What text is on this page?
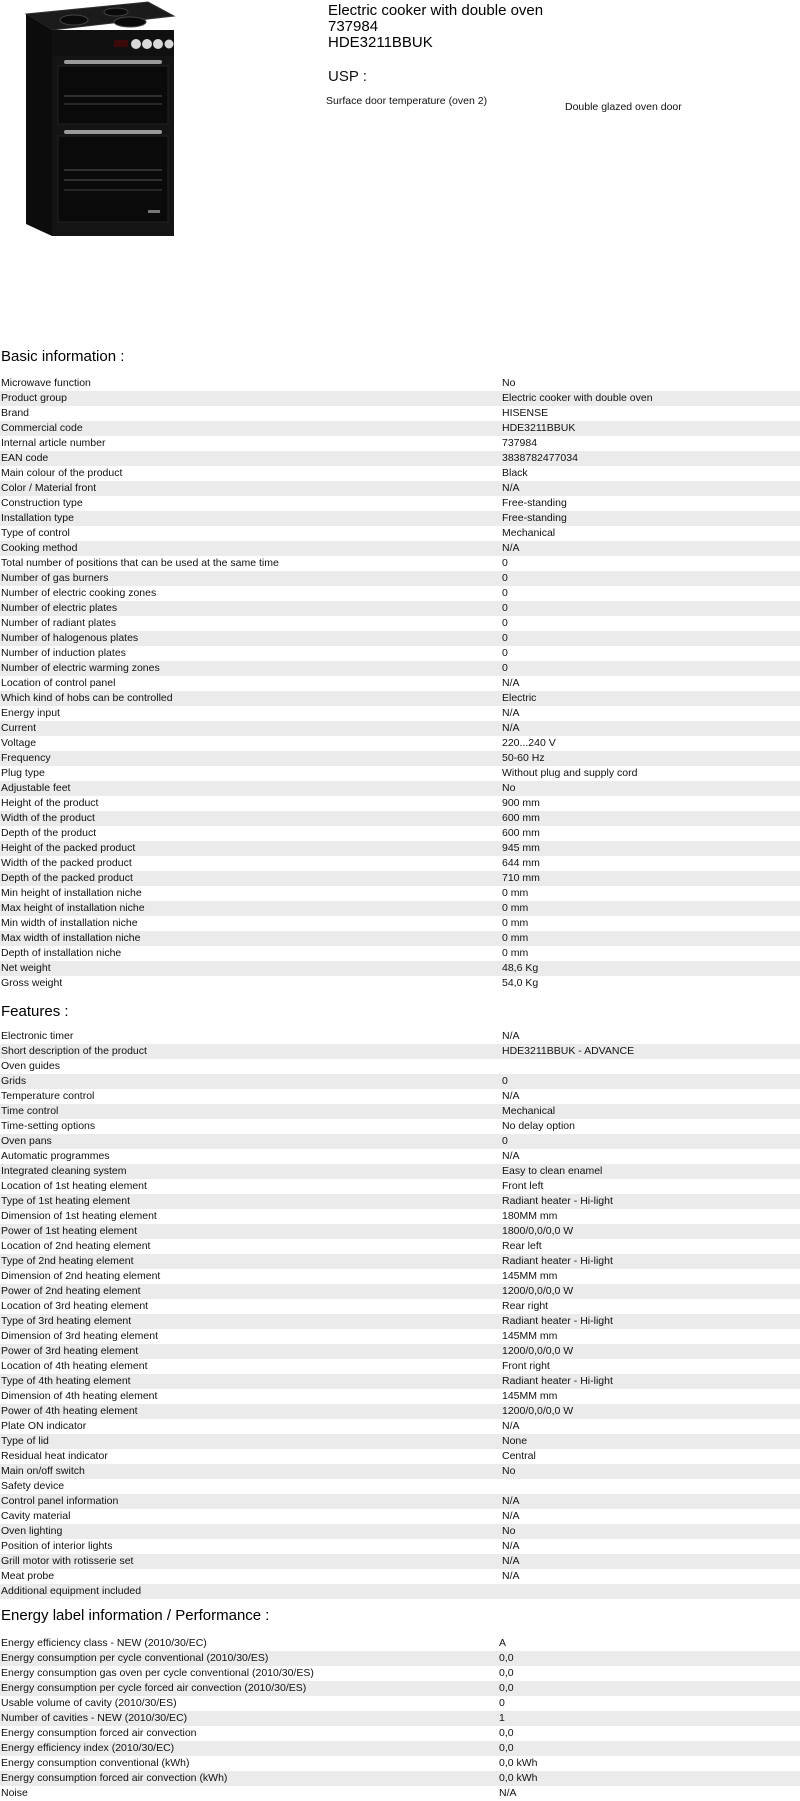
Electric cooker with double oven
737984
HDE3211BBUK
USP :
Surface door temperature (oven 2)	Double glazed oven door
Basic information :
Microwave function	No
Product group	Electric cooker with double oven
Brand	HISENSE
Commercial code	HDE3211BBUK
Internal article number	737984
EAN code	3838782477034
Main colour of the product	Black
Color / Material front	N/A
Construction type	Free-standing
Installation type	Free-standing
Type of control	Mechanical
Cooking method	N/A
Total number of positions that can be used at the same time	0
Number of gas burners	0
Number of electric cooking zones	0
Number of electric plates	0
Number of radiant plates	0
Number of halogenous plates	0
Number of induction plates	0
Number of electric warming zones	0
Location of control panel	N/A
Which kind of hobs can be controlled	Electric
Energy input	N/A
Current	N/A
Voltage	220...240 V
Frequency	50-60 Hz
Plug type	Without plug and supply cord
Adjustable feet	No
Height of the product	900 mm
Width of the product	600 mm
Depth of the product	600 mm
Height of the packed product	945 mm
Width of the packed product	644 mm
Depth of the packed product	710 mm
Min height of installation niche	0 mm
Max height of installation niche	0 mm
Min width of installation niche	0 mm
Max width of installation niche	0 mm
Depth of installation niche	0 mm
Net weight	48,6 Kg
Gross weight	54,0 Kg
Features :
Electronic timer	N/A
Short description of the product	HDE3211BBUK - ADVANCE
Oven guides
Grids	0
Temperature control	N/A
Time control	Mechanical
Time-setting options	No delay option
Oven pans	0
Automatic programmes	N/A
Integrated cleaning system	Easy to clean enamel
Location of 1st heating element	Front left
Type of 1st heating element	Radiant heater - Hi-light
Dimension of 1st heating element	180MM mm
Power of 1st heating element	1800/0,0/0,0 W
Location of 2nd heating element	Rear left
Type of 2nd heating element	Radiant heater - Hi-light
Dimension of 2nd heating element	145MM mm
Power of 2nd heating element	1200/0,0/0,0 W
Location of 3rd heating element	Rear right
Type of 3rd heating element	Radiant heater - Hi-light
Dimension of 3rd heating element	145MM mm
Power of 3rd heating element	1200/0,0/0,0 W
Location of 4th heating element	Front right
Type of 4th heating element	Radiant heater - Hi-light
Dimension of 4th heating element	145MM mm
Power of 4th heating element	1200/0,0/0,0 W
Plate ON indicator	N/A
Type of lid	None
Residual heat indicator	Central
Main on/off switch	No
Safety device
Control panel information	N/A
Cavity material	N/A
Oven lighting	No
Position of interior lights	N/A
Grill motor with rotisserie set	N/A
Meat probe	N/A
Additional equipment included
Energy label information / Performance :
Energy efficiency class - NEW (2010/30/EC)	A
Energy consumption per cycle conventional (2010/30/ES)	0,0
Energy consumption gas oven per cycle conventional (2010/30/ES)	0,0
Energy consumption per cycle forced air convection (2010/30/ES)	0,0
Usable volume of cavity (2010/30/ES)	0
Number of cavities - NEW (2010/30/EC)	1
Energy consumption forced air convection	0,0
Energy efficiency index (2010/30/EC)	0,0
Energy consumption conventional (kWh)	0,0 kWh
Energy consumption forced air convection (kWh)	0,0 kWh
Noise	N/A
